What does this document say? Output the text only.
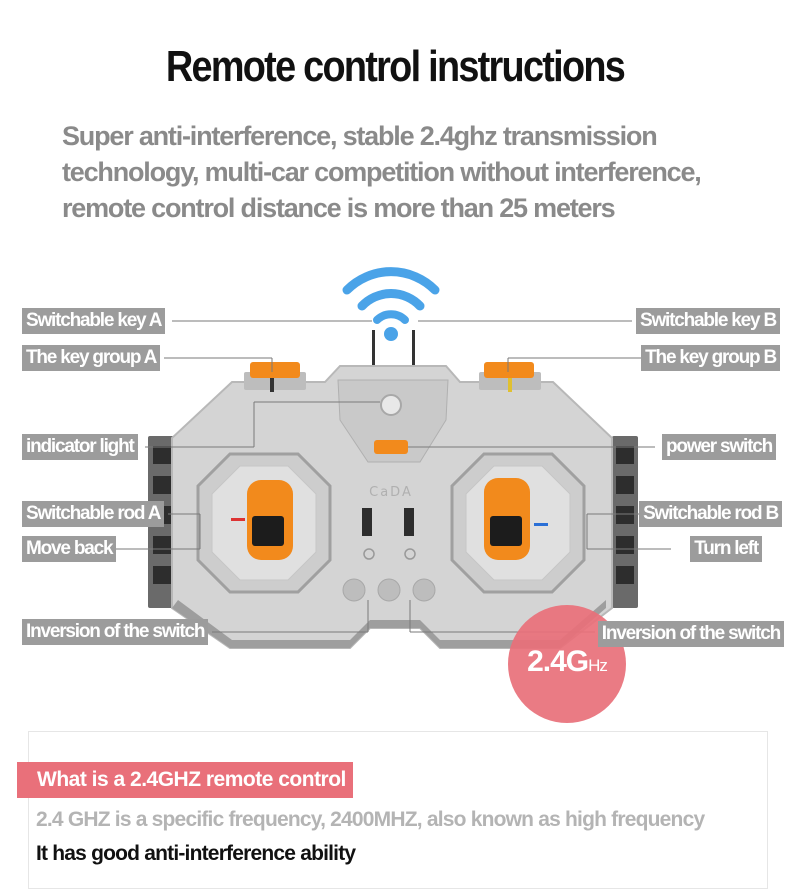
Remote control instructions
Super anti-interference, stable 2.4ghz transmission technology, multi-car competition without interference, remote control distance is more than 25 meters
CaDA
Switchable key A
The key group A
indicator light
Switchable rod A
Move back
Inversion of the switch
Switchable key B
The key group B
power switch
Switchable rod B
Turn left
2.4GHz
Inversion of the switch
What is a 2.4GHZ remote control
2.4 GHZ is a specific frequency, 2400MHZ, also known as high frequency
It has good anti-interference ability
